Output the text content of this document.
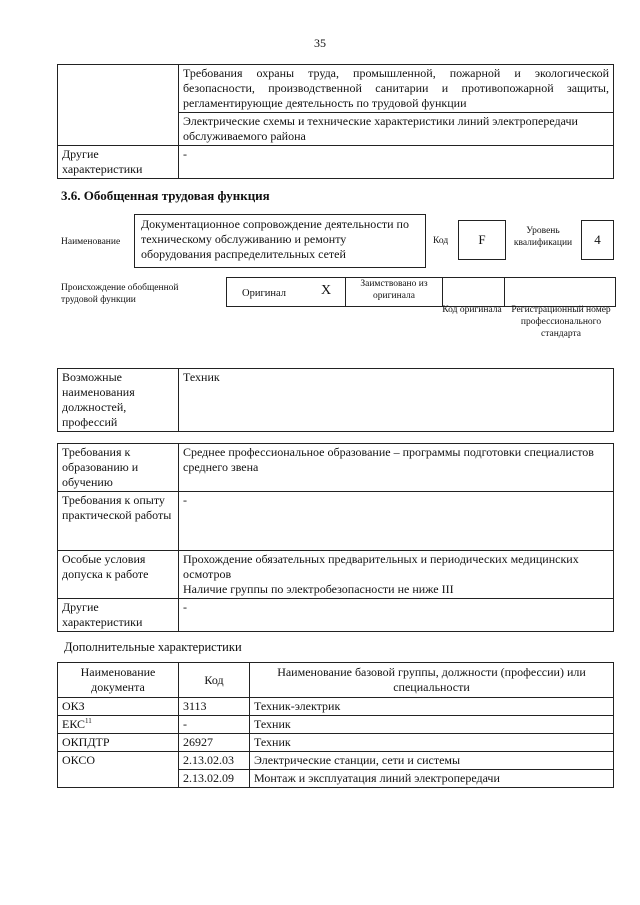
35
	Требования охраны труда, промышленной, пожарной и экологической безопасности, производственной санитарии и противопожарной защиты, регламентирующие деятельность по трудовой функции
	Электрические схемы и технические характеристики линий электропередачи обслуживаемого района
Другие характеристики	-
3.6. Обобщенная трудовая функция
Наименование
Документационное сопровождение деятельности по техническому обслуживанию и ремонту оборудования распределительных сетей
Код	F
Уровень квалификации	4
Происхождение обобщенной трудовой функции
Оригинал	X	Заимствовано из оригинала
Код оригинала	Регистрационный номер профессионального стандарта
Возможные наименования должностей, профессий	Техник
Требования к образованию и обучению	Среднее профессиональное образование – программы подготовки специалистов среднего звена
Требования к опыту практической работы	-
Особые условия допуска к работе	Прохождение обязательных предварительных и периодических медицинских осмотров
Наличие группы по электробезопасности не ниже III

Другие характеристики	-
Дополнительные характеристики
Наименование документа	Код	Наименование базовой группы, должности (профессии) или специальности
ОКЗ	3113	Техник-электрик
ЕКС$^{11}$	-	Техник
ОКПДТР	26927	Техник
ОКСО	2.13.02.03	Электрические станции, сети и системы
	2.13.02.09	Монтаж и эксплуатация линий электропередачи
